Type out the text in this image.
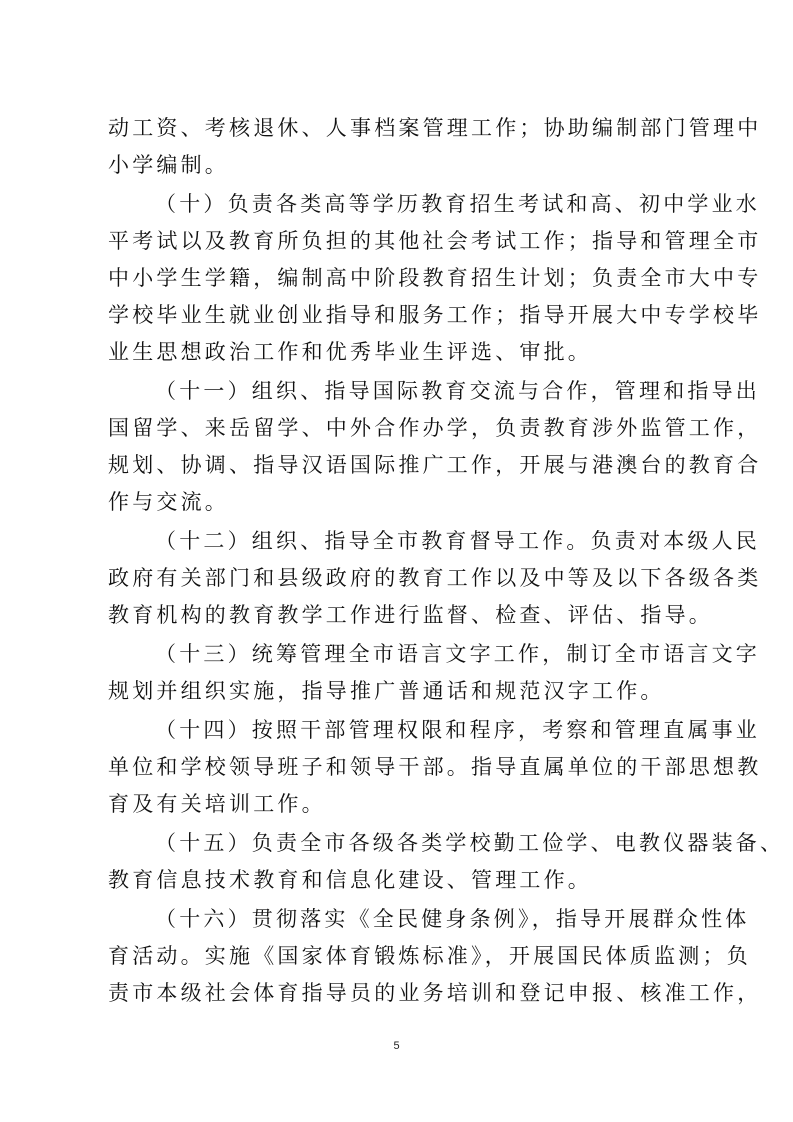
动工资、考核退休、人事档案管理工作；协助编制部门管理中
小学编制。
（十）负责各类高等学历教育招生考试和高、初中学业水
平考试以及教育所负担的其他社会考试工作；指导和管理全市
中小学生学籍，编制高中阶段教育招生计划；负责全市大中专
学校毕业生就业创业指导和服务工作；指导开展大中专学校毕
业生思想政治工作和优秀毕业生评选、审批。
（十一）组织、指导国际教育交流与合作，管理和指导出
国留学、来岳留学、中外合作办学，负责教育涉外监管工作，
规划、协调、指导汉语国际推广工作，开展与港澳台的教育合
作与交流。
（十二）组织、指导全市教育督导工作。负责对本级人民
政府有关部门和县级政府的教育工作以及中等及以下各级各类
教育机构的教育教学工作进行监督、检查、评估、指导。
（十三）统筹管理全市语言文字工作，制订全市语言文字
规划并组织实施，指导推广普通话和规范汉字工作。
（十四）按照干部管理权限和程序，考察和管理直属事业
单位和学校领导班子和领导干部。指导直属单位的干部思想教
育及有关培训工作。
（十五）负责全市各级各类学校勤工俭学、电教仪器装备、
教育信息技术教育和信息化建设、管理工作。
（十六）贯彻落实《全民健身条例》，指导开展群众性体
育活动。实施《国家体育锻炼标准》，开展国民体质监测；负
责市本级社会体育指导员的业务培训和登记申报、核准工作，
5
